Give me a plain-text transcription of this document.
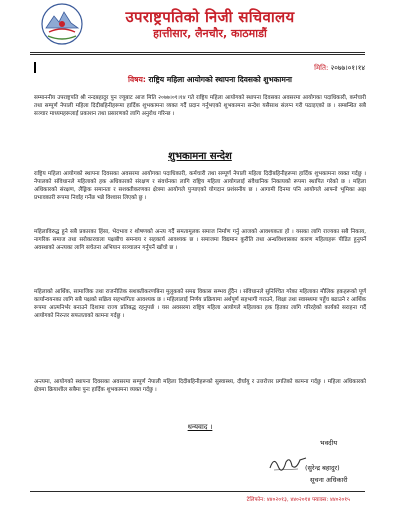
उपराष्ट्रपतिको निजी सचिवालय
हात्तीसार, लैनचौर, काठमाडौं
मिति: २०७७।०१।१४
विषय: राष्ट्रिय महिला आयोगको स्थापना दिवसको शुभकामना
सम्माननीय उपराष्ट्रपति श्री नन्दबहादुर पुन ज्यूबाट आज मिति २०७७।०१।१४ गते राष्ट्रिय महिला आयोगको स्थापना दिवसका अवसरमा आयोगका पदाधिकारी, कर्मचारी तथा सम्पूर्ण नेपाली महिला दिदीबहिनीहरूमा हार्दिक शुभकामना व्यक्त गर्दै प्रदान गर्नुभएको शुभकामना सन्देश यसैसाथ संलग्न गरी पठाइएको छ । सम्बन्धित सबै सञ्चार माध्यमहरूलाई प्रकाशन तथा प्रसारणको लागि अनुरोध गरिन्छ ।
शुभकामना सन्देश
राष्ट्रिय महिला आयोगको स्थापना दिवसका अवसरमा आयोगका पदाधिकारी, कर्मचारी तथा सम्पूर्ण नेपाली महिला दिदीबहिनीहरूमा हार्दिक शुभकामना व्यक्त गर्दछु । नेपालको संविधानले महिलाको हक अधिकारको संरक्षण र संवर्धनका लागि राष्ट्रिय महिला आयोगलाई संवैधानिक निकायको रूपमा स्थापित गरेको छ । महिला अधिकारको संरक्षण, लैङ्गिक समानता र सशक्तीकरणका क्षेत्रमा आयोगले पुर्‍याएको योगदान प्रशंसनीय छ । आगामी दिनमा पनि आयोगले आफ्नो भूमिका अझ प्रभावकारी रूपमा निर्वाह गर्नेछ भन्ने विश्वास लिएको छु ।
महिलाविरुद्ध हुने सबै प्रकारका हिंसा, भेदभाव र शोषणको अन्त्य गर्दै समतामूलक समाज निर्माण गर्नु आजको आवश्यकता हो । यसका लागि राज्यका सबै निकाय, नागरिक समाज तथा सरोकारवाला पक्षबीच समन्वय र सहकार्य आवश्यक छ । समाजमा विद्यमान कुरीति तथा अन्धविश्वासका कारण महिलाहरू पीडित हुनुपर्ने अवस्थाको अन्त्यका लागि सचेतना अभियान सञ्चालन गर्नुपर्ने खाँचो छ ।
महिलाको आर्थिक, सामाजिक तथा राजनीतिक सशक्तीकरणबिना मुलुकको समग्र विकास सम्भव हुँदैन । संविधानले सुनिश्चित गरेका महिलाका मौलिक हकहरूको पूर्ण कार्यान्वयनका लागि सबै पक्षको सक्रिय सहभागिता आवश्यक छ । महिलालाई निर्णय प्रक्रियामा अर्थपूर्ण सहभागी गराउने, शिक्षा तथा स्वास्थ्यमा पहुँच बढाउने र आर्थिक रूपमा आत्मनिर्भर बनाउने दिशामा राज्य प्रतिबद्ध रहनुपर्छ । यस अवसरमा राष्ट्रिय महिला आयोगले महिलाका हक हितका लागि गरिरहेको कार्यको सराहना गर्दै आयोगको निरन्तर सफलताको कामना गर्दछु ।
अन्त्यमा, आयोगको स्थापना दिवसका अवसरमा सम्पूर्ण नेपाली महिला दिदीबहिनीहरूको सुस्वास्थ्य, दीर्घायु र उत्तरोत्तर प्रगतिको कामना गर्दछु । महिला अधिकारको क्षेत्रमा क्रियाशील सबैमा पुनः हार्दिक शुभकामना व्यक्त गर्दछु ।
धन्यवाद ।
भवदीय
(सुरेन्द्र बहादुर)
सूचना अधिकारी
टेलिफोन: ४४०२०१३, ४४०२०१४ फ्याक्स: ४४०२०१५
